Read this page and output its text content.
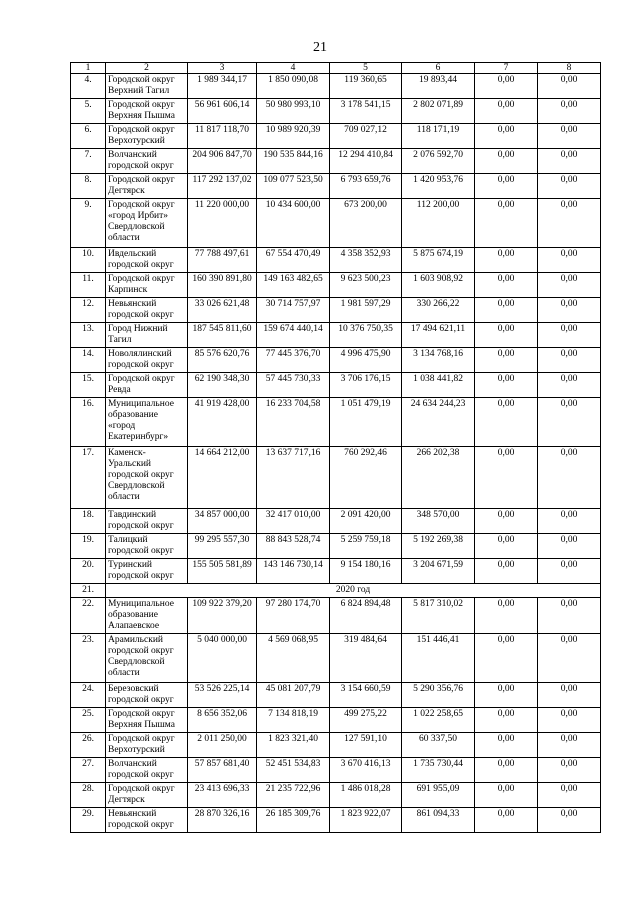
21
1	2	3	4	5	6	7	8
4.	Городской округ Верхний Тагил	1 989 344,17	1 850 090,08	119 360,65	19 893,44	0,00	0,00
5.	Городской округ Верхняя Пышма	56 961 606,14	50 980 993,10	3 178 541,15	2 802 071,89	0,00	0,00
6.	Городской округ Верхотурский	11 817 118,70	10 989 920,39	709 027,12	118 171,19	0,00	0,00
7.	Волчанский городской округ	204 906 847,70	190 535 844,16	12 294 410,84	2 076 592,70	0,00	0,00
8.	Городской округ Дегтярск	117 292 137,02	109 077 523,50	6 793 659,76	1 420 953,76	0,00	0,00
9.	Городской округ «город Ирбит» Свердловской области	11 220 000,00	10 434 600,00	673 200,00	112 200,00	0,00	0,00
10.	Ивдельский городской округ	77 788 497,61	67 554 470,49	4 358 352,93	5 875 674,19	0,00	0,00
11.	Городской округ Карпинск	160 390 891,80	149 163 482,65	9 623 500,23	1 603 908,92	0,00	0,00
12.	Невьянский городской округ	33 026 621,48	30 714 757,97	1 981 597,29	330 266,22	0,00	0,00
13.	Город Нижний Тагил	187 545 811,60	159 674 440,14	10 376 750,35	17 494 621,11	0,00	0,00
14.	Новолялинский городской округ	85 576 620,76	77 445 376,70	4 996 475,90	3 134 768,16	0,00	0,00
15.	Городской округ Ревда	62 190 348,30	57 445 730,33	3 706 176,15	1 038 441,82	0,00	0,00
16.	Муниципальное образование «город Екатеринбург»	41 919 428,00	16 233 704,58	1 051 479,19	24 634 244,23	0,00	0,00
17.	Каменск-Уральский городской округ Свердловской области	14 664 212,00	13 637 717,16	760 292,46	266 202,38	0,00	0,00
18.	Тавдинский городской округ	34 857 000,00	32 417 010,00	2 091 420,00	348 570,00	0,00	0,00
19.	Талицкий городской округ	99 295 557,30	88 843 528,74	5 259 759,18	5 192 269,38	0,00	0,00
20.	Туринский городской округ	155 505 581,89	143 146 730,14	9 154 180,16	3 204 671,59	0,00	0,00
21.	2020 год						
22.	Муниципальное образование Алапаевское	109 922 379,20	97 280 174,70	6 824 894,48	5 817 310,02	0,00	0,00
23.	Арамильский городской округ Свердловской области	5 040 000,00	4 569 068,95	319 484,64	151 446,41	0,00	0,00
24.	Березовский городской округ	53 526 225,14	45 081 207,79	3 154 660,59	5 290 356,76	0,00	0,00
25.	Городской округ Верхняя Пышма	8 656 352,06	7 134 818,19	499 275,22	1 022 258,65	0,00	0,00
26.	Городской округ Верхотурский	2 011 250,00	1 823 321,40	127 591,10	60 337,50	0,00	0,00
27.	Волчанский городской округ	57 857 681,40	52 451 534,83	3 670 416,13	1 735 730,44	0,00	0,00
28.	Городской округ Дегтярск	23 413 696,33	21 235 722,96	1 486 018,28	691 955,09	0,00	0,00
29.	Невьянский городской округ	28 870 326,16	26 185 309,76	1 823 922,07	861 094,33	0,00	0,00
